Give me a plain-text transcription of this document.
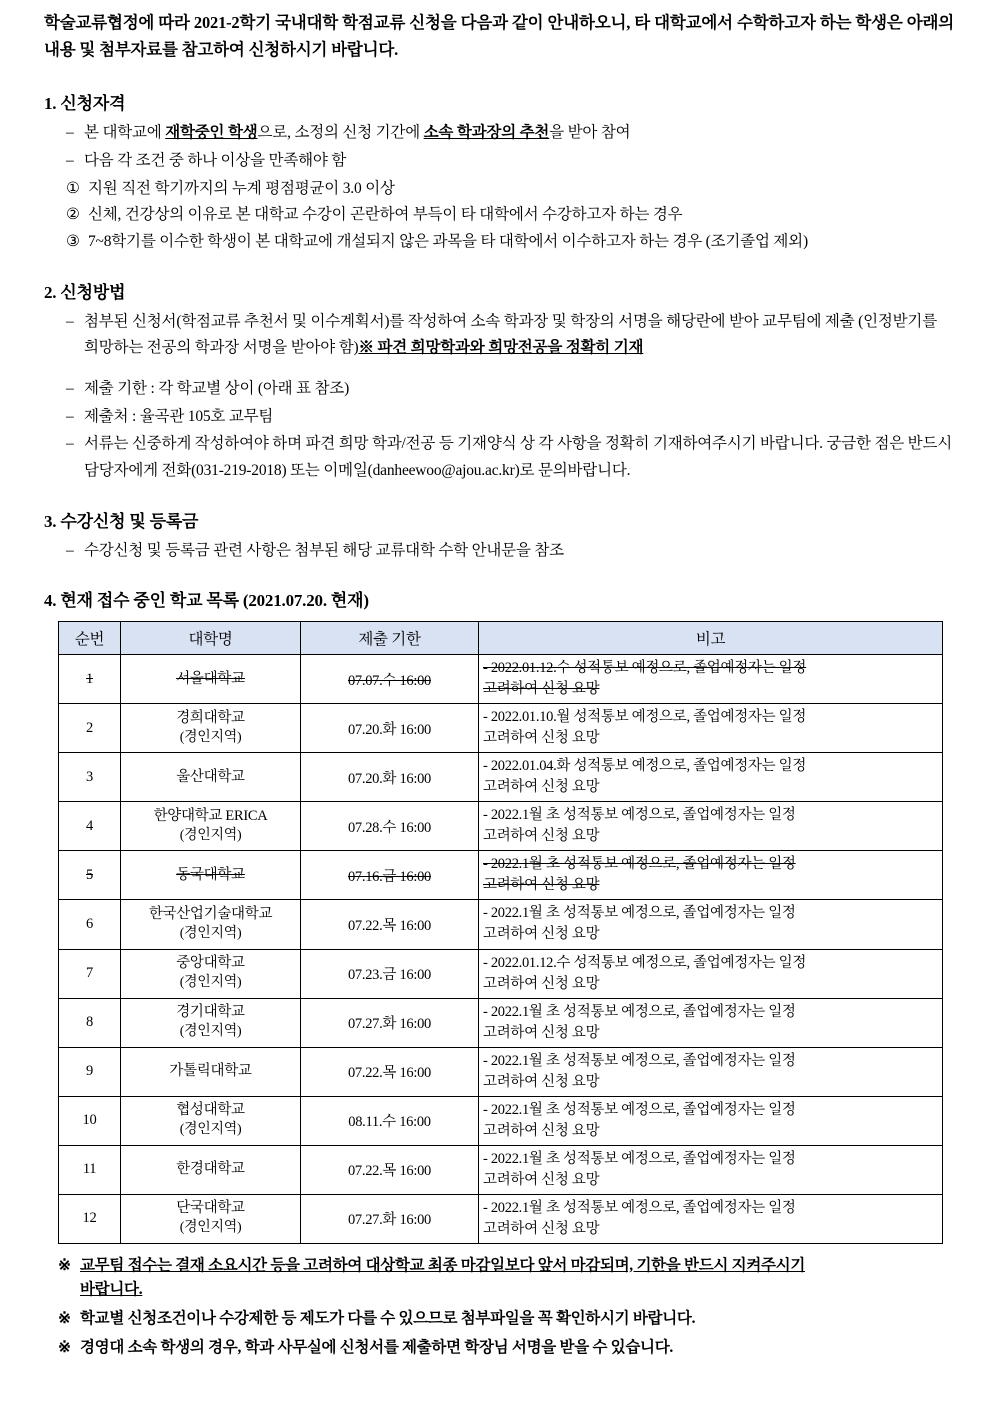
학술교류협정에 따라 2021-2학기 국내대학 학점교류 신청을 다음과 같이 안내하오니, 타 대학교에서 수학하고자 하는 학생은 아래의 내용 및 첨부자료를 참고하여 신청하시기 바랍니다.

1. 신청자격
– 본 대학교에 재학중인 학생으로, 소정의 신청 기간에 소속 학과장의 추천을 받아 참여
– 다음 각 조건 중 하나 이상을 만족해야 함
① 지원 직전 학기까지의 누계 평점평균이 3.0 이상
② 신체, 건강상의 이유로 본 대학교 수강이 곤란하여 부득이 타 대학에서 수강하고자 하는 경우
③ 7~8학기를 이수한 학생이 본 대학교에 개설되지 않은 과목을 타 대학에서 이수하고자 하는 경우 (조기졸업 제외)
2. 신청방법
– 첨부된 신청서(학점교류 추천서 및 이수계획서)를 작성하여 소속 학과장 및 학장의 서명을 해당란에 받아 교무팀에 제출 (인정받기를 희망하는 전공의 학과장 서명을 받아야 함)※ 파견 희망학과와 희망전공을 정확히 기재
– 제출 기한 : 각 학교별 상이 (아래 표 참조)
– 제출처 : 율곡관 105호 교무팀
– 서류는 신중하게 작성하여야 하며 파견 희망 학과/전공 등 기재양식 상 각 사항을 정확히 기재하여주시기 바랍니다. 궁금한 점은 반드시 담당자에게 전화(031-219-2018) 또는 이메일(danheewoo@ajou.ac.kr)로 문의바랍니다.
3. 수강신청 및 등록금
– 수강신청 및 등록금 관련 사항은 첨부된 해당 교류대학 수학 안내문을 참조
4. 현재 접수 중인 학교 목록 (2021.07.20. 현재)
순번	대학명	제출 기한	비고
1	서울대학교	07.07.수 16:00	- 2022.01.12.수 성적통보 예정으로, 졸업예정자는 일정
고려하여 신청 요망

2	경희대학교
(경인지역)	07.20.화 16:00	- 2022.01.10.월 성적통보 예정으로, 졸업예정자는 일정
고려하여 신청 요망

3	울산대학교	07.20.화 16:00	- 2022.01.04.화 성적통보 예정으로, 졸업예정자는 일정
고려하여 신청 요망

4	한양대학교 ERICA
(경인지역)	07.28.수 16:00	- 2022.1월 초 성적통보 예정으로, 졸업예정자는 일정
고려하여 신청 요망

5	동국대학교	07.16.금 16:00	- 2022.1월 초 성적통보 예정으로, 졸업예정자는 일정
고려하여 신청 요망

6	한국산업기술대학교
(경인지역)	07.22.목 16:00	- 2022.1월 초 성적통보 예정으로, 졸업예정자는 일정
고려하여 신청 요망

7	중앙대학교
(경인지역)	07.23.금 16:00	- 2022.01.12.수 성적통보 예정으로, 졸업예정자는 일정
고려하여 신청 요망

8	경기대학교
(경인지역)	07.27.화 16:00	- 2022.1월 초 성적통보 예정으로, 졸업예정자는 일정
고려하여 신청 요망

9	가톨릭대학교	07.22.목 16:00	- 2022.1월 초 성적통보 예정으로, 졸업예정자는 일정
고려하여 신청 요망

10	협성대학교
(경인지역)	08.11.수 16:00	- 2022.1월 초 성적통보 예정으로, 졸업예정자는 일정
고려하여 신청 요망

11	한경대학교	07.22.목 16:00	- 2022.1월 초 성적통보 예정으로, 졸업예정자는 일정
고려하여 신청 요망

12	단국대학교
(경인지역)	07.27.화 16:00	- 2022.1월 초 성적통보 예정으로, 졸업예정자는 일정
고려하여 신청 요망
※ 교무팀 접수는 결재 소요시간 등을 고려하여 대상학교 최종 마감일보다 앞서 마감되며, 기한을 반드시 지켜주시기
바랍니다.
※ 학교별 신청조건이나 수강제한 등 제도가 다를 수 있으므로 첨부파일을 꼭 확인하시기 바랍니다.
※ 경영대 소속 학생의 경우, 학과 사무실에 신청서를 제출하면 학장님 서명을 받을 수 있습니다.
